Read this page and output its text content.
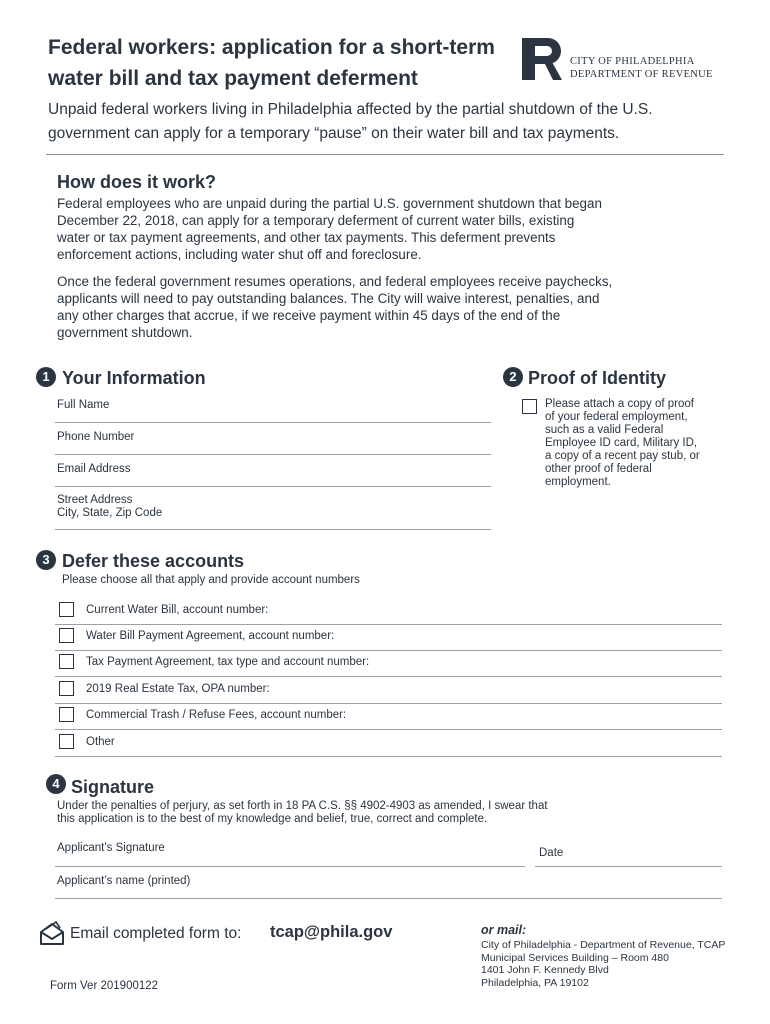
Federal workers: application for a short-term
water bill and tax payment deferment
CITY OF PHILADELPHIA
DEPARTMENT OF REVENUE
Unpaid federal workers living in Philadelphia affected by the partial shutdown of the U.S.
government can apply for a temporary “pause” on their water bill and tax payments.
How does it work?
Federal employees who are unpaid during the partial U.S. government shutdown that began
December 22, 2018, can apply for a temporary deferment of current water bills, existing
water or tax payment agreements, and other tax payments. This deferment prevents
enforcement actions, including water shut off and foreclosure.
Once the federal government resumes operations, and federal employees receive paychecks,
applicants will need to pay outstanding balances. The City will waive interest, penalties, and
any other charges that accrue, if we receive payment within 45 days of the end of the
government shutdown.
1 Your Information
Full Name
Phone Number
Email Address
Street Address
City, State, Zip Code
2 Proof of Identity
Please attach a copy of proof
of your federal employment,
such as a valid Federal
Employee ID card, Military ID,
a copy of a recent pay stub, or
other proof of federal
employment.
3 Defer these accounts
Please choose all that apply and provide account numbers
Current Water Bill, account number:
Water Bill Payment Agreement, account number:
Tax Payment Agreement, tax type and account number:
2019 Real Estate Tax, OPA number:
Commercial Trash / Refuse Fees, account number:
Other
4 Signature
Under the penalties of perjury, as set forth in 18 PA C.S. §§ 4902-4903 as amended, I swear that
this application is to the best of my knowledge and belief, true, correct and complete.
Applicant’s Signature	Date
Applicant’s name (printed)
Email completed form to: tcap@phila.gov	or mail:
City of Philadelphia - Department of Revenue, TCAP
Municipal Services Building – Room 480
1401 John F. Kennedy Blvd
Philadelphia, PA 19102
Form Ver 201900122
